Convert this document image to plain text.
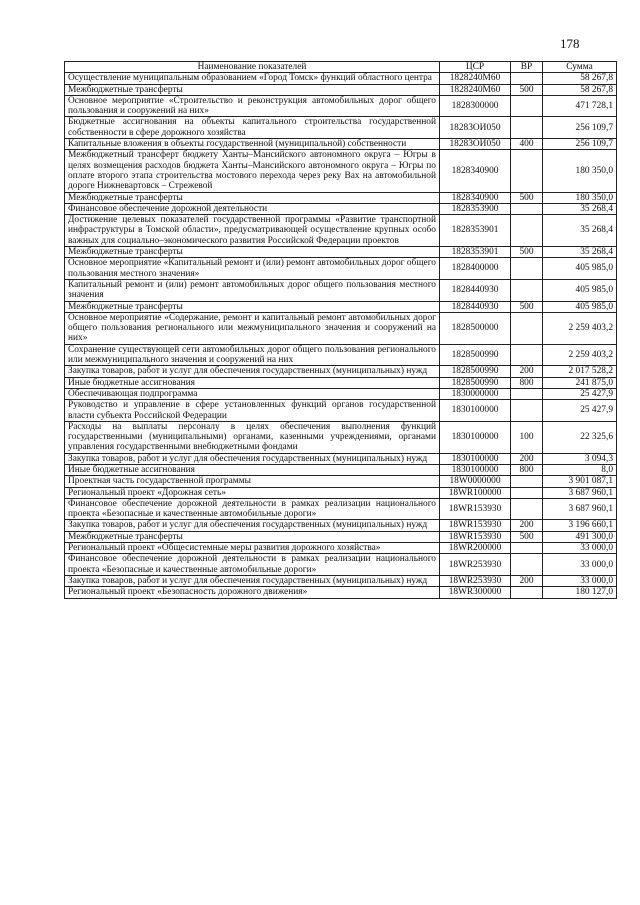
178
Наименование показателей	ЦСР	ВР	Сумма
Осуществление муниципальным образованием «Город Томск» функций областного центра	1828240М60		58 267,8
Межбюджетные трансферты	1828240М60	500	58 267,8
Основное мероприятие «Строительство и реконструкция автомобильных дорог общего пользования и сооружений на них»	1828300000		471 728,1
Бюджетные ассигнования на объекты капитального строительства государственной собственности в сфере дорожного хозяйства	18283ОИ050		256 109,7
Капитальные вложения в объекты государственной (муниципальной) собственности	18283ОИ050	400	256 109,7
Межбюджетный трансферт бюджету Ханты–Мансийского автономного округа – Югры в целях возмещения расходов бюджета Ханты–Мансийского автономного округа – Югры по оплате второго этапа строительства мостового перехода через реку Вах на автомобильной дороге Нижневартовск – Стрежевой	1828340900		180 350,0
Межбюджетные трансферты	1828340900	500	180 350,0
Финансовое обеспечение дорожной деятельности	1828353900		35 268,4
Достижение целевых показателей государственной программы «Развитие транспортной инфраструктуры в Томской области», предусматривающей осуществление крупных особо важных для социально–экономического развития Российской Федерации проектов	1828353901		35 268,4
Межбюджетные трансферты	1828353901	500	35 268,4
Основное мероприятие «Капитальный ремонт и (или) ремонт автомобильных дорог общего пользования местного значения»	1828400000		405 985,0
Капитальный ремонт и (или) ремонт автомобильных дорог общего пользования местного значения	1828440930		405 985,0
Межбюджетные трансферты	1828440930	500	405 985,0
Основное мероприятие «Содержание, ремонт и капитальный ремонт автомобильных дорог общего пользования регионального или межмуниципального значения и сооружений на них»	1828500000		2 259 403,2
Сохранение существующей сети автомобильных дорог общего пользования регионального или межмуниципального значения и сооружений на них	1828500990		2 259 403,2
Закупка товаров, работ и услуг для обеспечения государственных (муниципальных) нужд	1828500990	200	2 017 528,2
Иные бюджетные ассигнования	1828500990	800	241 875,0
Обеспечивающая подпрограмма	1830000000		25 427,9
Руководство и управление в сфере установленных функций органов государственной власти субъекта Российской Федерации	1830100000		25 427,9
Расходы на выплаты персоналу в целях обеспечения выполнения функций государственными (муниципальными) органами, казенными учреждениями, органами управления государственными внебюджетными фондами	1830100000	100	22 325,6
Закупка товаров, работ и услуг для обеспечения государственных (муниципальных) нужд	1830100000	200	3 094,3
Иные бюджетные ассигнования	1830100000	800	8,0
Проектная часть государственной программы	18W0000000		3 901 087,1
Региональный проект «Дорожная сеть»	18WR100000		3 687 960,1
Финансовое обеспечение дорожной деятельности в рамках реализации национального проекта «Безопасные и качественные автомобильные дороги»	18WR153930		3 687 960,1
Закупка товаров, работ и услуг для обеспечения государственных (муниципальных) нужд	18WR153930	200	3 196 660,1
Межбюджетные трансферты	18WR153930	500	491 300,0
Региональный проект «Общесистемные меры развития дорожного хозяйства»	18WR200000		33 000,0
Финансовое обеспечение дорожной деятельности в рамках реализации национального проекта «Безопасные и качественные автомобильные дороги»	18WR253930		33 000,0
Закупка товаров, работ и услуг для обеспечения государственных (муниципальных) нужд	18WR253930	200	33 000,0
Региональный проект «Безопасность дорожного движения»	18WR300000		180 127,0
